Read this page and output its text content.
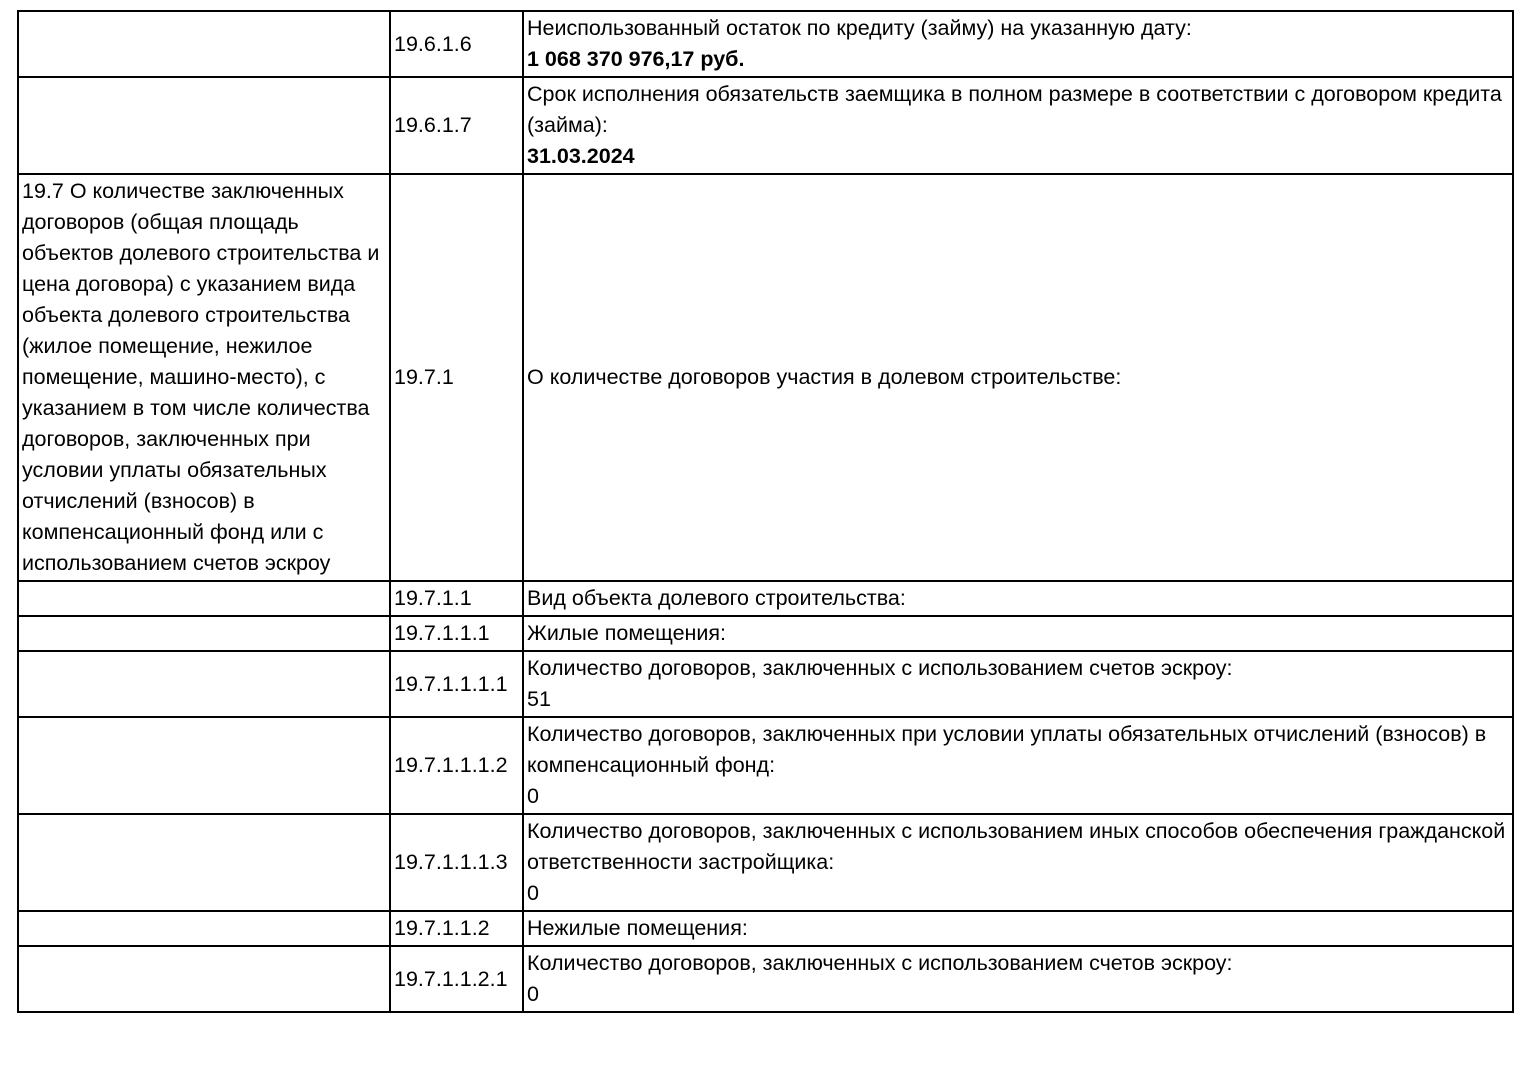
	19.6.1.6	Неиспользованный остаток по кредиту (займу) на указанную дату:
1 068 370 976,17 руб.

	19.6.1.7	Срок исполнения обязательств заемщика в полном размере в соответствии с договором кредита (займа):
31.03.2024

19.7 О количестве заключенных договоров (общая площадь объектов долевого строительства и цена договора) с указанием вида объекта долевого строительства (жилое помещение, нежилое помещение, машино-место), с указанием в том числе количества договоров, заключенных при условии уплаты обязательных отчислений (взносов) в компенсационный фонд или с использованием счетов эскроу	19.7.1	О количестве договоров участия в долевом строительстве:

	19.7.1.1	Вид объекта долевого строительства:

	19.7.1.1.1	Жилые помещения:

	19.7.1.1.1.1	Количество договоров, заключенных с использованием счетов эскроу:
51

	19.7.1.1.1.2	Количество договоров, заключенных при условии уплаты обязательных отчислений (взносов) в компенсационный фонд:
0

	19.7.1.1.1.3	Количество договоров, заключенных с использованием иных способов обеспечения гражданской ответственности застройщика:
0

	19.7.1.1.2	Нежилые помещения:

	19.7.1.1.2.1	Количество договоров, заключенных с использованием счетов эскроу:
0
